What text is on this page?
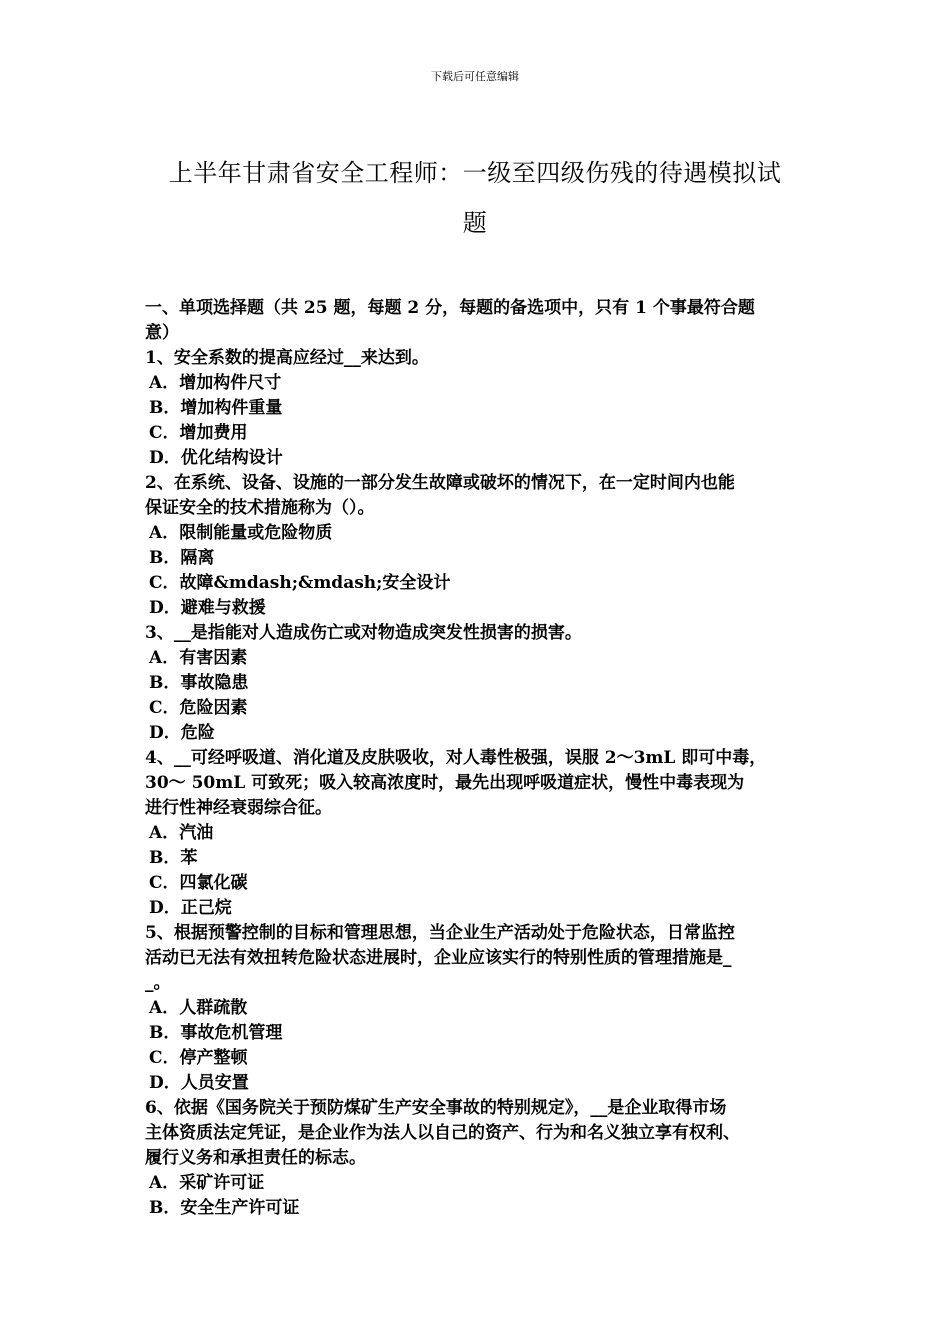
下载后可任意编辑
上半年甘肃省安全工程师：一级至四级伤残的待遇模拟试
题
一、单项选择题（共 25 题，每题 2 分，每题的备选项中，只有 1 个事最符合题
意）
1、安全系数的提高应经过__来达到。
A．增加构件尺寸
B．增加构件重量
C．增加费用
D．优化结构设计
2、在系统、设备、设施的一部分发生故障或破坏的情况下，在一定时间内也能
保证安全的技术措施称为（）。
A．限制能量或危险物质
B．隔离
C．故障&mdash;&mdash;安全设计
D．避难与救援
3、__是指能对人造成伤亡或对物造成突发性损害的损害。
A．有害因素
B．事故隐患
C．危险因素
D．危险
4、__可经呼吸道、消化道及皮肤吸收，对人毒性极强，误服 2～3mL 即可中毒，
30～ 50mL 可致死；吸入较高浓度时，最先出现呼吸道症状，慢性中毒表现为
进行性神经衰弱综合征。
A．汽油
B．苯
C．四氯化碳
D．正己烷
5、根据预警控制的目标和管理思想，当企业生产活动处于危险状态，日常监控
活动已无法有效扭转危险状态进展时，企业应该实行的特别性质的管理措施是_
_。
A．人群疏散
B．事故危机管理
C．停产整顿
D．人员安置
6、依据《国务院关于预防煤矿生产安全事故的特别规定》，__是企业取得市场
主体资质法定凭证，是企业作为法人以自己的资产、行为和名义独立享有权利、
履行义务和承担责任的标志。
A．采矿许可证
B．安全生产许可证
